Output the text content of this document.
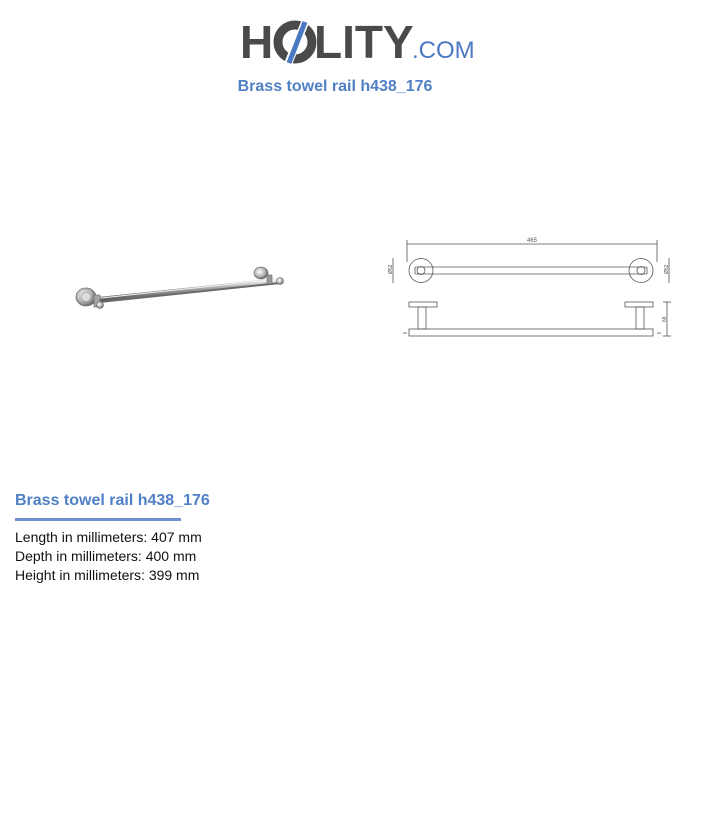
H LITY
.COM
Brass towel rail h438_176
465
Ø52	Ø52
68
Brass towel rail h438_176
Length in millimeters: 407 mm
Depth in millimeters: 400 mm
Height in millimeters: 399 mm
